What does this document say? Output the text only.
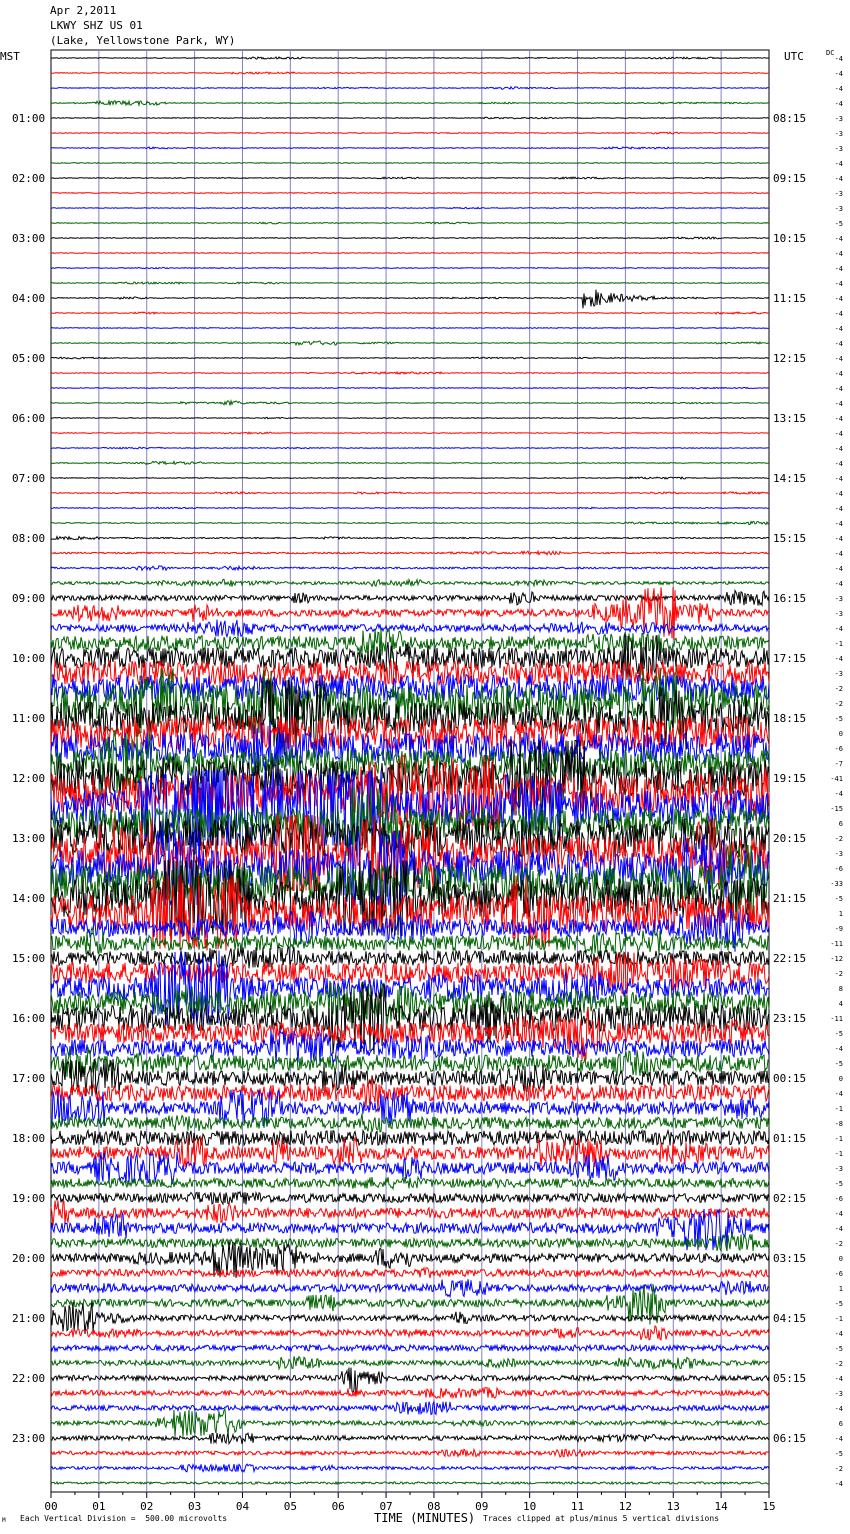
Apr 2,2011
LKWY SHZ US 01
(Lake, Yellowstone Park, WY)
MST	UTC	DC
-4
-4
-4
-4
-3
-3
-3
-4
-4
-3
-3
-5
-4
-4
-4
-4
-4
-4
-4
-4
-4
-4
-4
-4
-4
-4
-4
-4
-4
-4
-4
-4
-4
-4
-4
-4
-3
-3
-4
-1
-4
-3
-2
-2
-5
0
-6
-7
-41
-4
-15
6
-2
-3
-6
-33
-5
1
-9
-11
-12
-2
8
4
-11
-5
-4
-5
0
-4
-1
-8
-1
-1
-3
-5
-6
-4
-4
-2
0
-6
1
-5
-1
-4
-5
-2
-4
-3
-4
6
-4
-5
-2
-4
01:00	08:15
02:00	09:15
03:00	10:15
04:00	11:15
05:00	12:15
06:00	13:15
07:00	14:15
08:00	15:15
09:00	16:15
10:00	17:15
11:00	18:15
12:00	19:15
13:00	20:15
14:00	21:15
15:00	22:15
16:00	23:15
17:00	00:15
18:00	01:15
19:00	02:15
20:00	03:15
21:00	04:15
22:00	05:15
23:00	06:15
00	01	02	03	04	05	06	07	08	09	10	11	12	13	14	15
M Each Vertical Division =  500.00 microvolts	TIME (MINUTES) Traces clipped at plus/minus 5 vertical divisions
